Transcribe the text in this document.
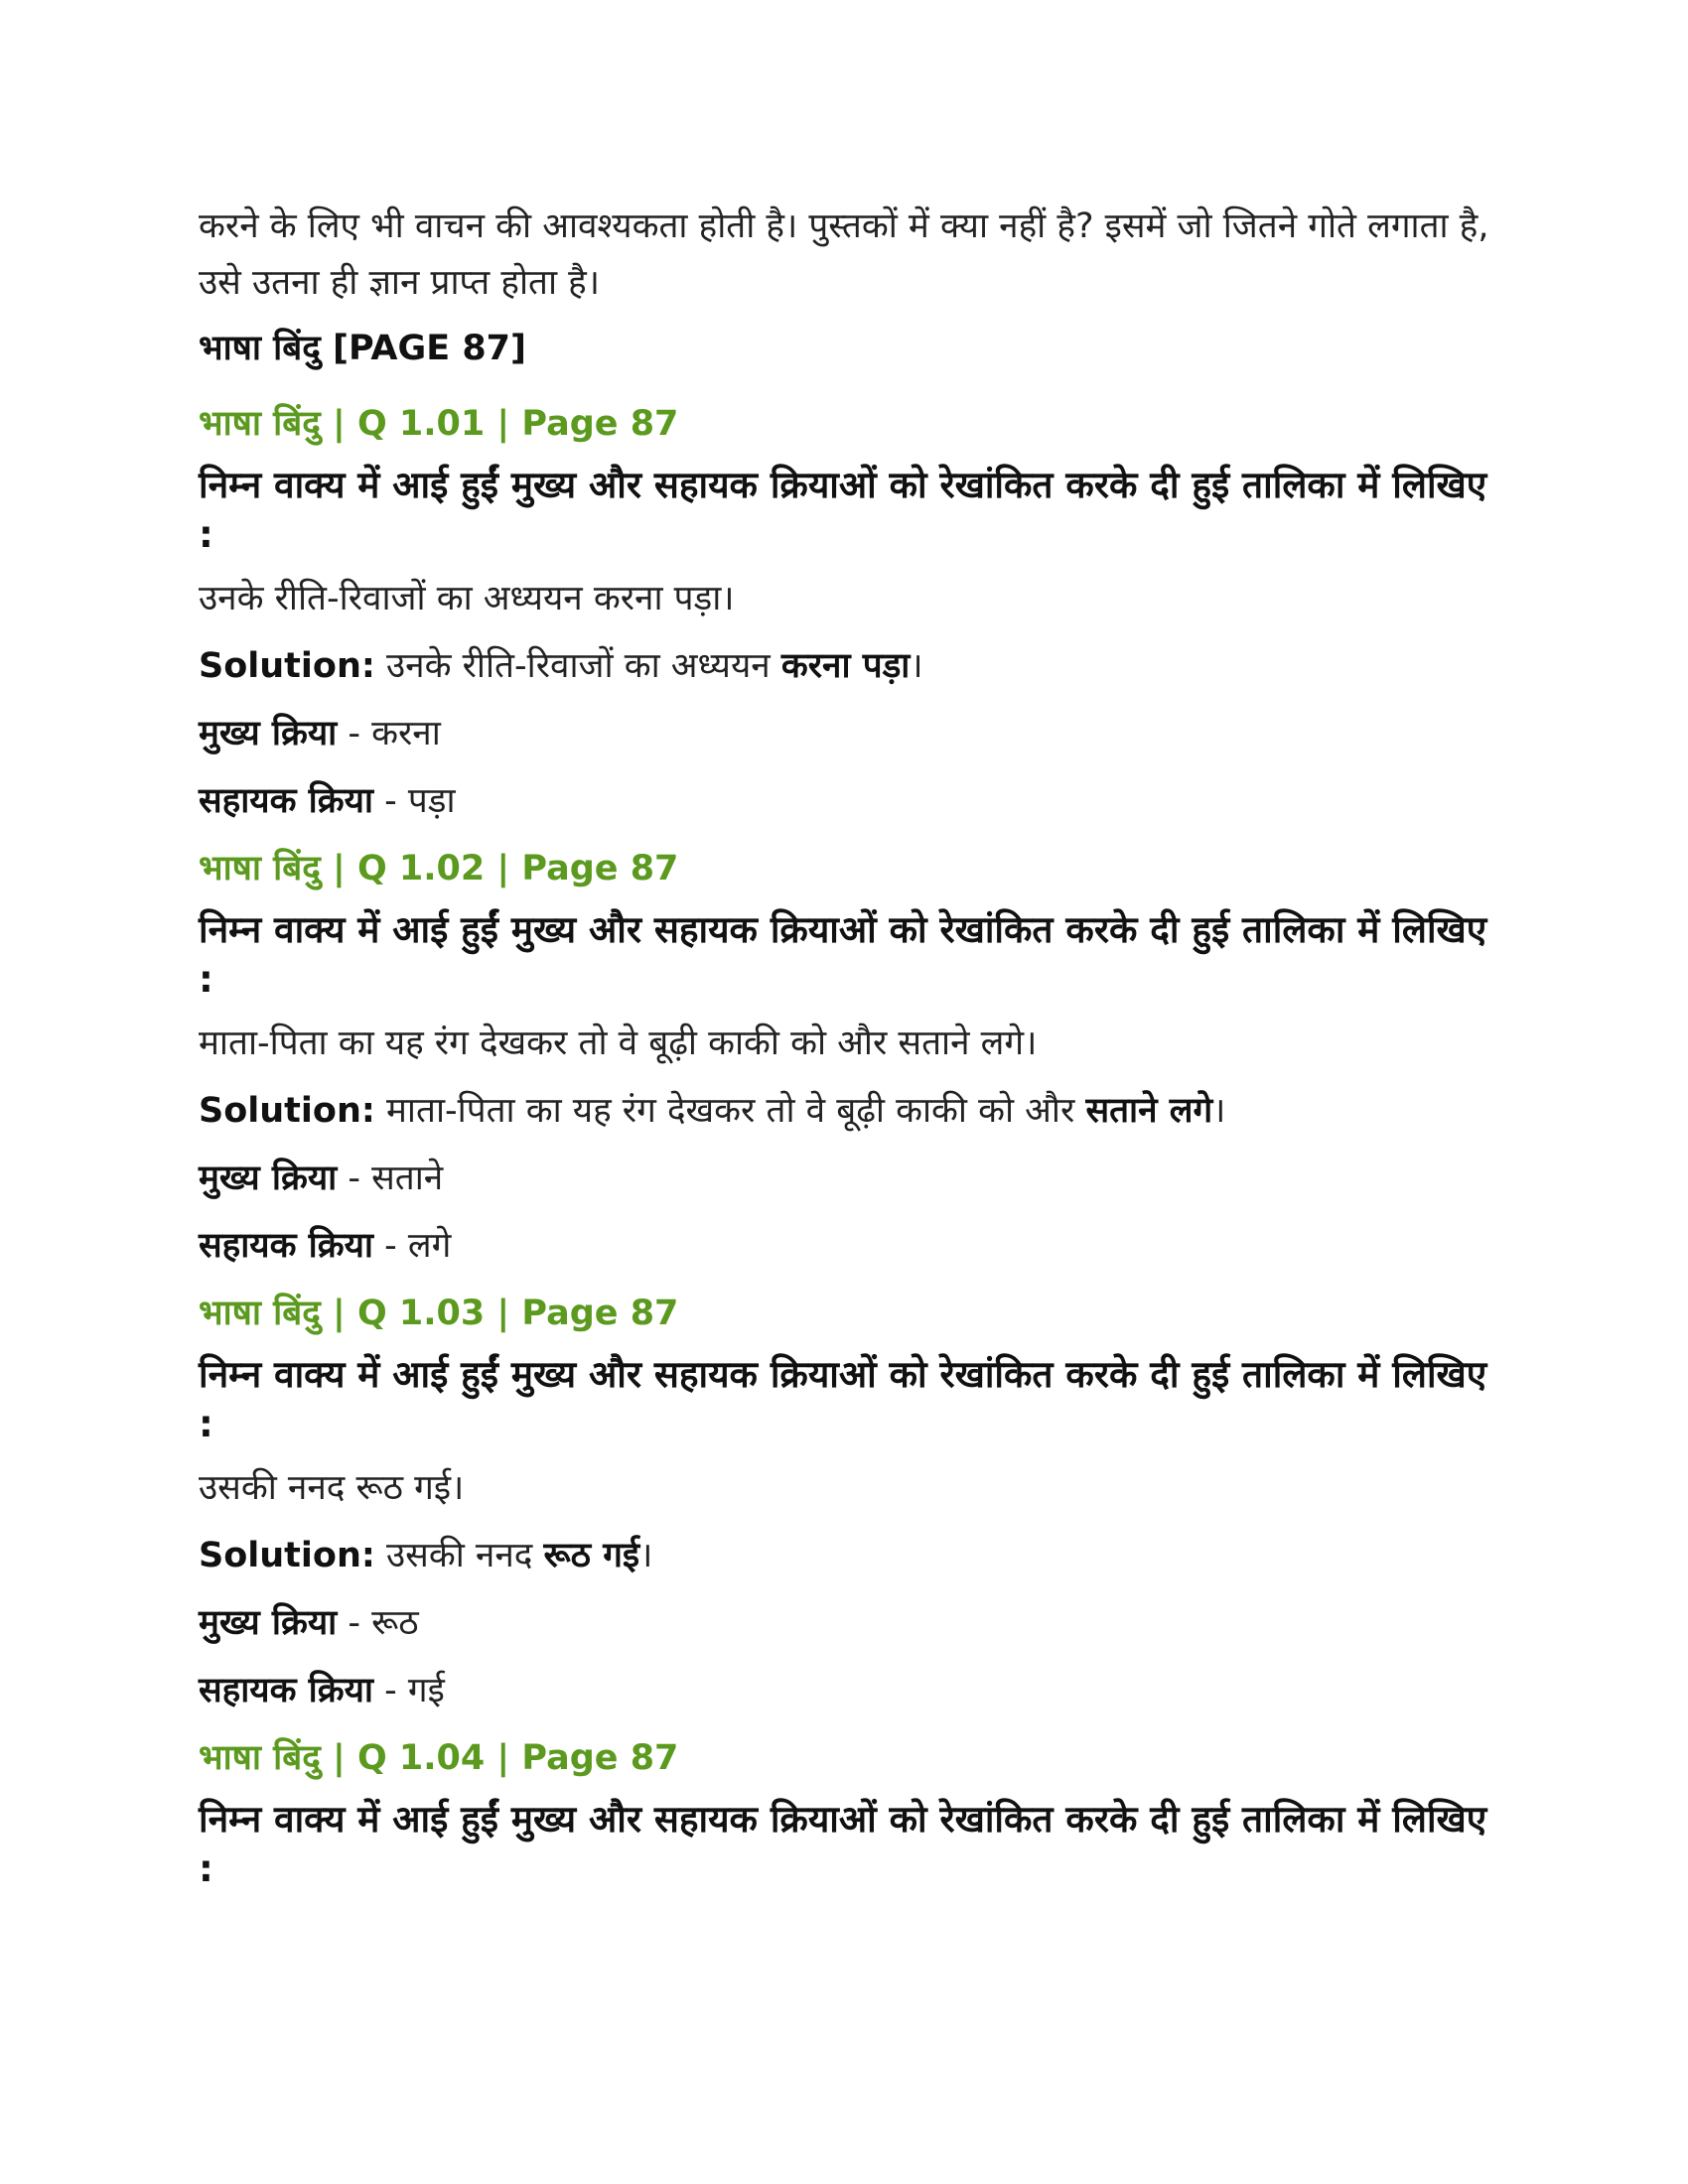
करने के लिए भी वाचन की आवश्यकता होती है। पुस्तकों में क्या नहीं है? इसमें जो जितने गोते लगाता है, उसे उतना ही ज्ञान प्राप्त होता है।

भाषा बिंदु [PAGE 87]
भाषा बिंदु | Q 1.01 | Page 87
निम्न वाक्य में आई हुईं मुख्य और सहायक क्रियाओं को रेखांकित करके दी हुई तालिका में लिखिए :
उनके रीति-रिवाजों का अध्ययन करना पड़ा।
Solution: उनके रीति-रिवाजों का अध्ययन करना पड़ा।
मुख्य क्रिया - करना
सहायक क्रिया - पड़ा
भाषा बिंदु | Q 1.02 | Page 87
निम्न वाक्य में आई हुईं मुख्य और सहायक क्रियाओं को रेखांकित करके दी हुई तालिका में लिखिए :
माता-पिता का यह रंग देखकर तो वे बूढ़ी काकी को और सताने लगे।
Solution: माता-पिता का यह रंग देखकर तो वे बूढ़ी काकी को और सताने लगे।
मुख्य क्रिया - सताने
सहायक क्रिया - लगे
भाषा बिंदु | Q 1.03 | Page 87
निम्न वाक्य में आई हुईं मुख्य और सहायक क्रियाओं को रेखांकित करके दी हुई तालिका में लिखिए :
उसकी ननद रूठ गई।
Solution: उसकी ननद रूठ गई।
मुख्य क्रिया - रूठ
सहायक क्रिया - गई
भाषा बिंदु | Q 1.04 | Page 87
निम्न वाक्य में आई हुईं मुख्य और सहायक क्रियाओं को रेखांकित करके दी हुई तालिका में लिखिए :
